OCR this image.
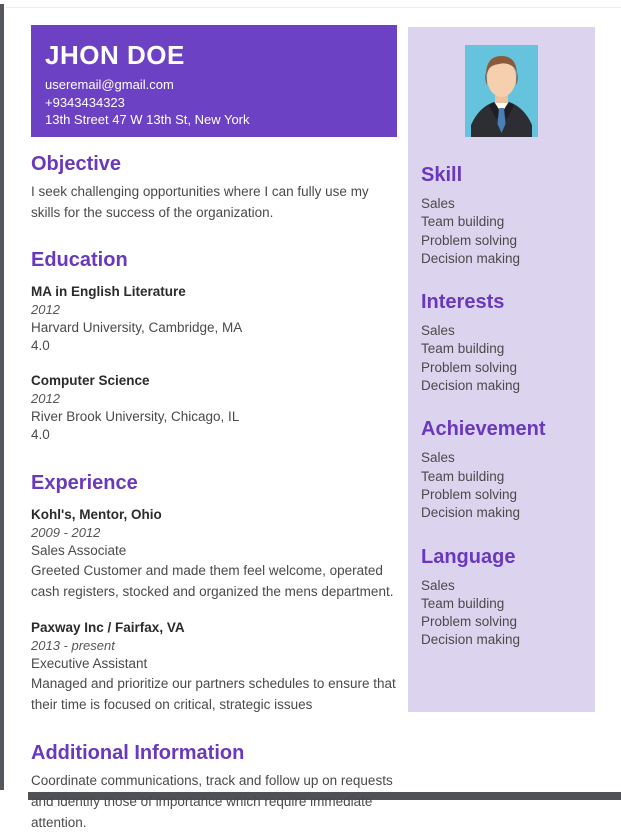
JHON DOE
useremail@gmail.com
+9343434323
13th Street 47 W 13th St, New York
Objective
I seek challenging opportunities where I can fully use my skills for the success of the organization.
Education
MA in English Literature
2012
Harvard University, Cambridge, MA
4.0
Computer Science
2012
River Brook University, Chicago, IL
4.0
Experience
Kohl's, Mentor, Ohio
2009 - 2012
Sales Associate
Greeted Customer and made them feel welcome, operated cash registers, stocked and organized the mens department.
Paxway Inc / Fairfax, VA
2013 - present
Executive Assistant
Managed and prioritize our partners schedules to ensure that their time is focused on critical, strategic issues
Additional Information
Coordinate communications, track and follow up on requests and identify those of importance which require immediate attention.
Skill
Sales
Team building
Problem solving
Decision making
Interests
Sales
Team building
Problem solving
Decision making
Achievement
Sales
Team building
Problem solving
Decision making
Language
Sales
Team building
Problem solving
Decision making
